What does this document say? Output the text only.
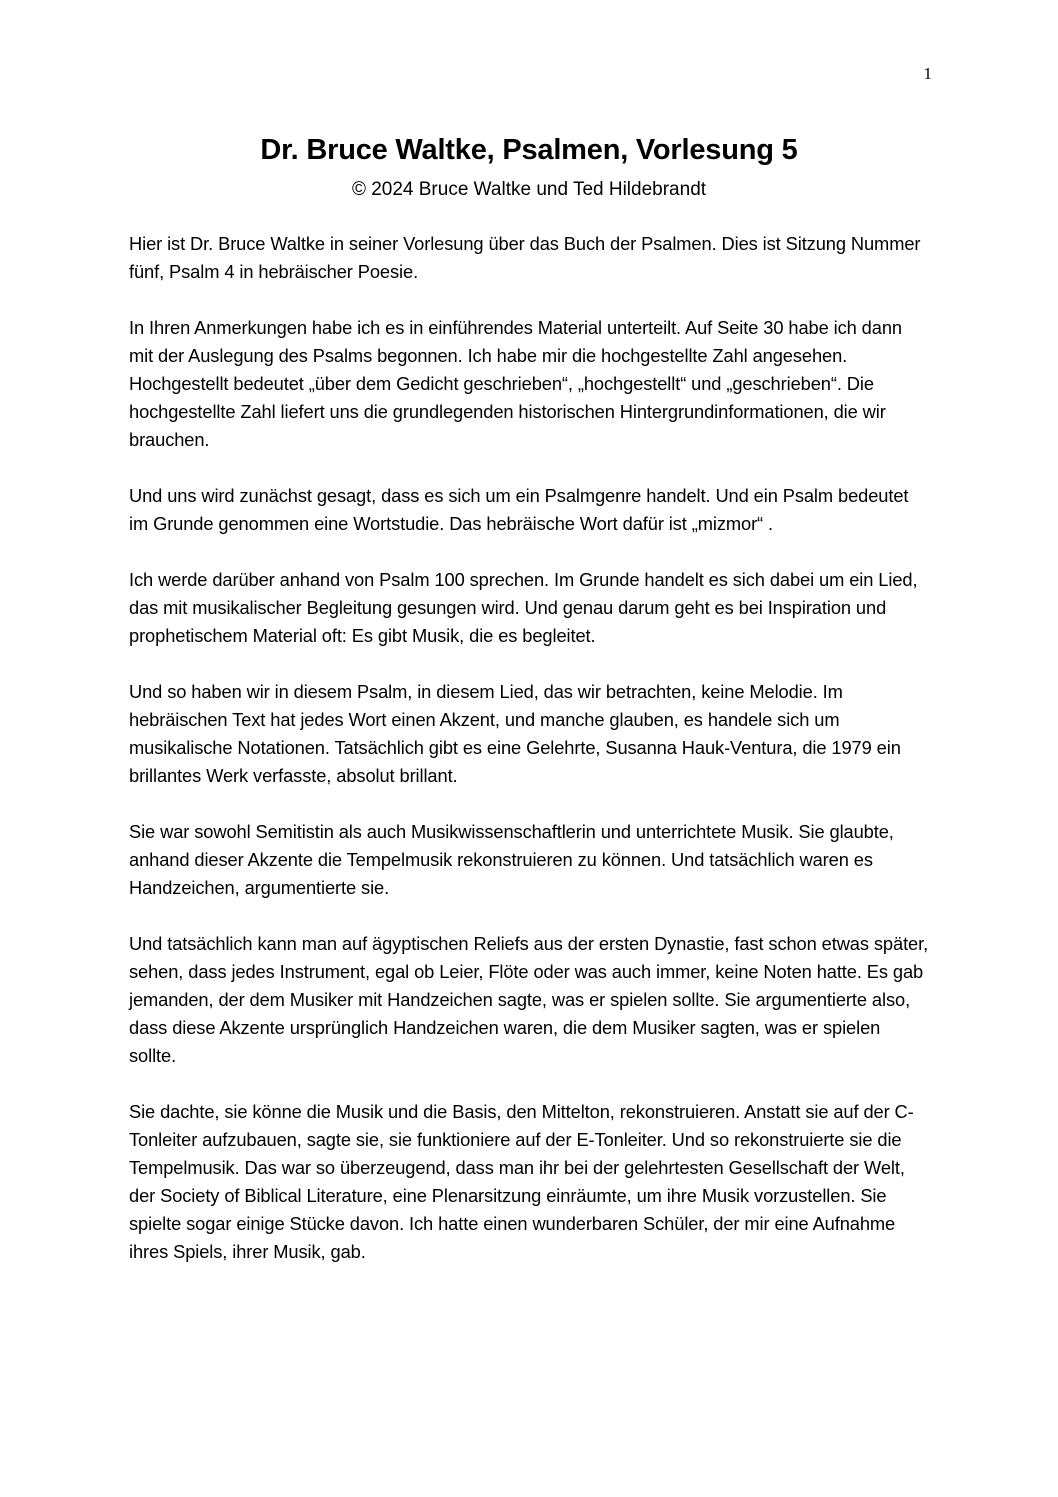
1
Dr. Bruce Waltke, Psalmen, Vorlesung 5
© 2024 Bruce Waltke und Ted Hildebrandt

Hier ist Dr. Bruce Waltke in seiner Vorlesung über das Buch der Psalmen. Dies ist Sitzung Nummer fünf, Psalm 4 in hebräischer Poesie.

In Ihren Anmerkungen habe ich es in einführendes Material unterteilt. Auf Seite 30 habe ich dann mit der Auslegung des Psalms begonnen. Ich habe mir die hochgestellte Zahl angesehen. Hochgestellt bedeutet „über dem Gedicht geschrieben“, „hochgestellt“ und „geschrieben“. Die hochgestellte Zahl liefert uns die grundlegenden historischen Hintergrundinformationen, die wir brauchen.

Und uns wird zunächst gesagt, dass es sich um ein Psalmgenre handelt. Und ein Psalm bedeutet im Grunde genommen eine Wortstudie. Das hebräische Wort dafür ist „mizmor“ .

Ich werde darüber anhand von Psalm 100 sprechen. Im Grunde handelt es sich dabei um ein Lied, das mit musikalischer Begleitung gesungen wird. Und genau darum geht es bei Inspiration und prophetischem Material oft: Es gibt Musik, die es begleitet.

Und so haben wir in diesem Psalm, in diesem Lied, das wir betrachten, keine Melodie. Im hebräischen Text hat jedes Wort einen Akzent, und manche glauben, es handele sich um musikalische Notationen. Tatsächlich gibt es eine Gelehrte, Susanna Hauk-Ventura, die 1979 ein brillantes Werk verfasste, absolut brillant.

Sie war sowohl Semitistin als auch Musikwissenschaftlerin und unterrichtete Musik. Sie glaubte, anhand dieser Akzente die Tempelmusik rekonstruieren zu können. Und tatsächlich waren es Handzeichen, argumentierte sie.

Und tatsächlich kann man auf ägyptischen Reliefs aus der ersten Dynastie, fast schon etwas später, sehen, dass jedes Instrument, egal ob Leier, Flöte oder was auch immer, keine Noten hatte. Es gab jemanden, der dem Musiker mit Handzeichen sagte, was er spielen sollte. Sie argumentierte also, dass diese Akzente ursprünglich Handzeichen waren, die dem Musiker sagten, was er spielen sollte.

Sie dachte, sie könne die Musik und die Basis, den Mittelton, rekonstruieren. Anstatt sie auf der C-Tonleiter aufzubauen, sagte sie, sie funktioniere auf der E-Tonleiter. Und so rekonstruierte sie die Tempelmusik. Das war so überzeugend, dass man ihr bei der gelehrtesten Gesellschaft der Welt, der Society of Biblical Literature, eine Plenarsitzung einräumte, um ihre Musik vorzustellen. Sie spielte sogar einige Stücke davon. Ich hatte einen wunderbaren Schüler, der mir eine Aufnahme ihres Spiels, ihrer Musik, gab.
